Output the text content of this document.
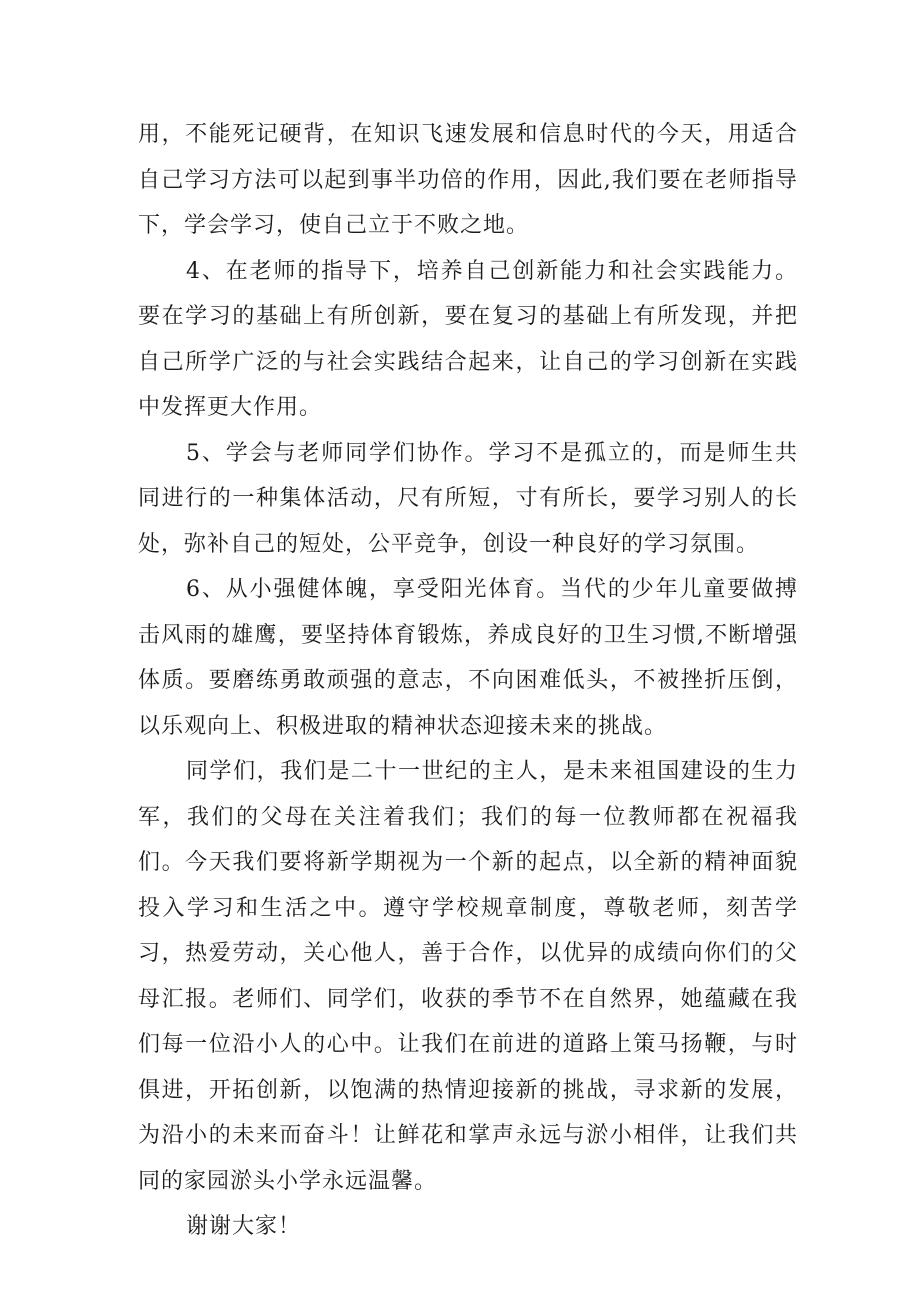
用，不能死记硬背，在知识飞速发展和信息时代的今天，用适合自己学习方法可以起到事半功倍的作用，因此,我们要在老师指导下，学会学习，使自己立于不败之地。

4、在老师的指导下，培养自己创新能力和社会实践能力。要在学习的基础上有所创新，要在复习的基础上有所发现，并把自己所学广泛的与社会实践结合起来，让自己的学习创新在实践中发挥更大作用。

5、学会与老师同学们协作。学习不是孤立的，而是师生共同进行的一种集体活动，尺有所短，寸有所长，要学习别人的长处，弥补自己的短处，公平竞争，创设一种良好的学习氛围。

6、从小强健体魄，享受阳光体育。当代的少年儿童要做搏击风雨的雄鹰，要坚持体育锻炼，养成良好的卫生习惯,不断增强体质。要磨练勇敢顽强的意志，不向困难低头，不被挫折压倒，以乐观向上、积极进取的精神状态迎接未来的挑战。

同学们，我们是二十一世纪的主人，是未来祖国建设的生力军，我们的父母在关注着我们；我们的每一位教师都在祝福我们。今天我们要将新学期视为一个新的起点，以全新的精神面貌投入学习和生活之中。遵守学校规章制度，尊敬老师，刻苦学习，热爱劳动，关心他人，善于合作，以优异的成绩向你们的父母汇报。老师们、同学们，收获的季节不在自然界，她蕴藏在我们每一位沿小人的心中。让我们在前进的道路上策马扬鞭，与时俱进，开拓创新，以饱满的热情迎接新的挑战，寻求新的发展，为沿小的未来而奋斗！让鲜花和掌声永远与淤小相伴，让我们共同的家园淤头小学永远温馨。

谢谢大家！
